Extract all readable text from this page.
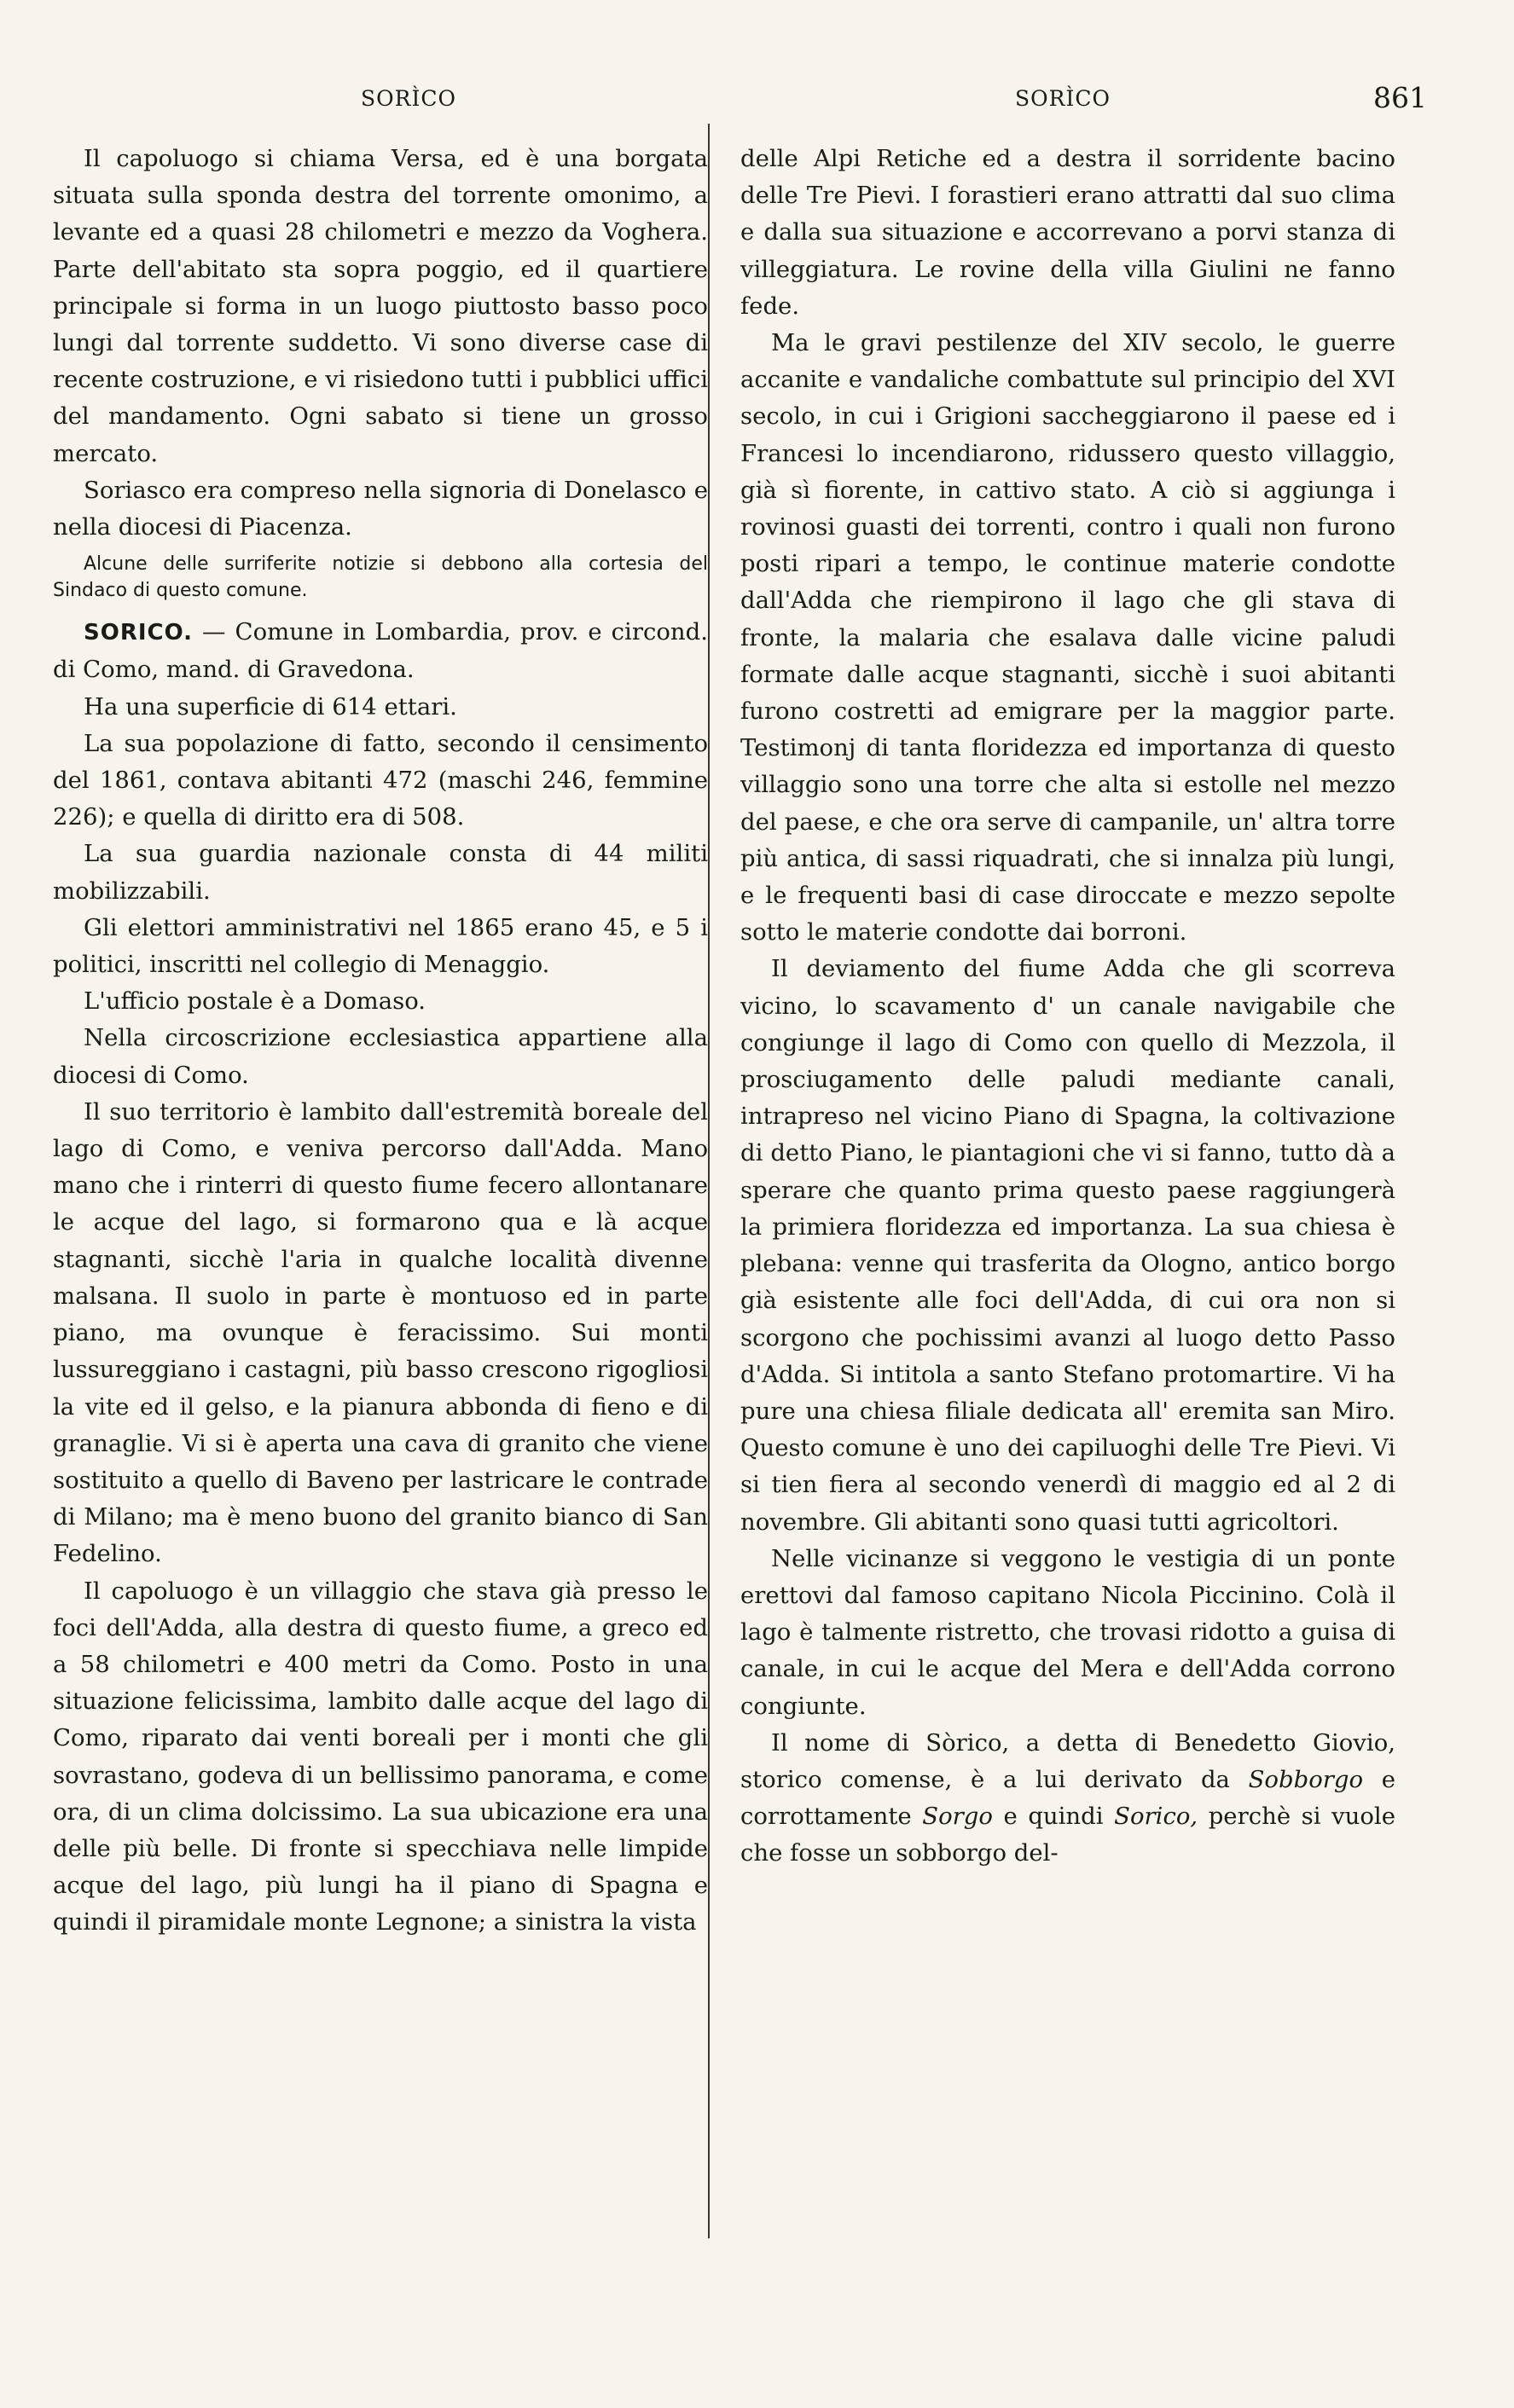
SORÌCO	SORÌCO	861

Il capoluogo si chiama Versa, ed è una borgata situata sulla sponda destra del torrente omonimo, a levante ed a quasi 28 chilometri e mezzo da Voghera. Parte dell'abitato sta sopra poggio, ed il quartiere principale si forma in un luogo piuttosto basso poco lungi dal torrente suddetto. Vi sono diverse case di recente costruzione, e vi risiedono tutti i pubblici uffici del mandamento. Ogni sabato si tiene un grosso mercato.

Soriasco era compreso nella signoria di Donelasco e nella diocesi di Piacenza.

Alcune delle surriferite notizie si debbono alla cortesia del Sindaco di questo comune.

SORICO. — Comune in Lombardia, prov. e circond. di Como, mand. di Gravedona.

Ha una superficie di 614 ettari.

La sua popolazione di fatto, secondo il censimento del 1861, contava abitanti 472 (maschi 246, femmine 226); e quella di diritto era di 508.

La sua guardia nazionale consta di 44 militi mobilizzabili.

Gli elettori amministrativi nel 1865 erano 45, e 5 i politici, inscritti nel collegio di Menaggio.

L'ufficio postale è a Domaso.

Nella circoscrizione ecclesiastica appartiene alla diocesi di Como.

Il suo territorio è lambito dall'estremità boreale del lago di Como, e veniva percorso dall'Adda. Mano mano che i rinterri di questo fiume fecero allontanare le acque del lago, si formarono qua e là acque stagnanti, sicchè l'aria in qualche località divenne malsana. Il suolo in parte è montuoso ed in parte piano, ma ovunque è feracissimo. Sui monti lussureggiano i castagni, più basso crescono rigogliosi la vite ed il gelso, e la pianura abbonda di fieno e di granaglie. Vi si è aperta una cava di granito che viene sostituito a quello di Baveno per lastricare le contrade di Milano; ma è meno buono del granito bianco di San Fedelino.

Il capoluogo è un villaggio che stava già presso le foci dell'Adda, alla destra di questo fiume, a greco ed a 58 chilometri e 400 metri da Como. Posto in una situazione felicissima, lambito dalle acque del lago di Como, riparato dai venti boreali per i monti che gli sovrastano, godeva di un bellissimo panorama, e come ora, di un clima dolcissimo. La sua ubicazione era una delle più belle. Di fronte si specchiava nelle limpide acque del lago, più lungi ha il piano di Spagna e quindi il piramidale monte Legnone; a sinistra la vista

delle Alpi Retiche ed a destra il sorridente bacino delle Tre Pievi. I forastieri erano attratti dal suo clima e dalla sua situazione e accorrevano a porvi stanza di villeggiatura. Le rovine della villa Giulini ne fanno fede.

Ma le gravi pestilenze del XIV secolo, le guerre accanite e vandaliche combattute sul principio del XVI secolo, in cui i Grigioni saccheggiarono il paese ed i Francesi lo incendiarono, ridussero questo villaggio, già sì fiorente, in cattivo stato. A ciò si aggiunga i rovinosi guasti dei torrenti, contro i quali non furono posti ripari a tempo, le continue materie condotte dall'Adda che riempirono il lago che gli stava di fronte, la malaria che esalava dalle vicine paludi formate dalle acque stagnanti, sicchè i suoi abitanti furono costretti ad emigrare per la maggior parte. Testimonj di tanta floridezza ed importanza di questo villaggio sono una torre che alta si estolle nel mezzo del paese, e che ora serve di campanile, un' altra torre più antica, di sassi riquadrati, che si innalza più lungi, e le frequenti basi di case diroccate e mezzo sepolte sotto le materie condotte dai borroni.

Il deviamento del fiume Adda che gli scorreva vicino, lo scavamento d' un canale navigabile che congiunge il lago di Como con quello di Mezzola, il prosciugamento delle paludi mediante canali, intrapreso nel vicino Piano di Spagna, la coltivazione di detto Piano, le piantagioni che vi si fanno, tutto dà a sperare che quanto prima questo paese raggiungerà la primiera floridezza ed importanza. La sua chiesa è plebana: venne qui trasferita da Ologno, antico borgo già esistente alle foci dell'Adda, di cui ora non si scorgono che pochissimi avanzi al luogo detto Passo d'Adda. Si intitola a santo Stefano protomartire. Vi ha pure una chiesa filiale dedicata all' eremita san Miro. Questo comune è uno dei capiluoghi delle Tre Pievi. Vi si tien fiera al secondo venerdì di maggio ed al 2 di novembre. Gli abitanti sono quasi tutti agricoltori.

Nelle vicinanze si veggono le vestigia di un ponte erettovi dal famoso capitano Nicola Piccinino. Colà il lago è talmente ristretto, che trovasi ridotto a guisa di canale, in cui le acque del Mera e dell'Adda corrono congiunte.

Il nome di Sòrico, a detta di Benedetto Giovio, storico comense, è a lui derivato da Sobborgo e corrottamente Sorgo e quindi Sorico, perchè si vuole che fosse un sobborgo del-
